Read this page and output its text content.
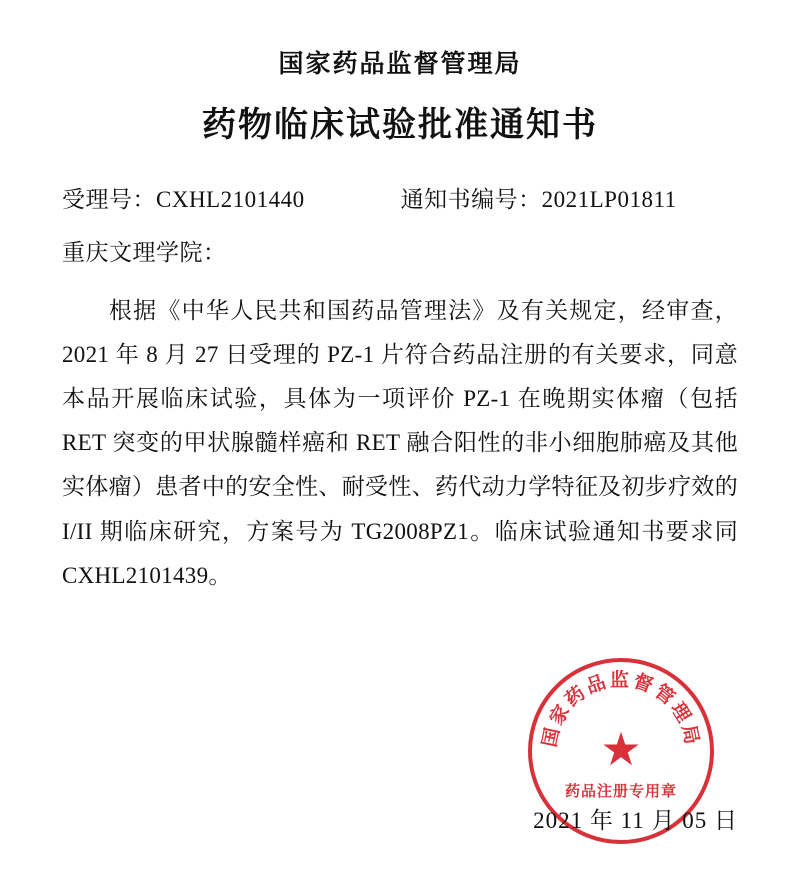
国家药品监督管理局
药物临床试验批准通知书
受理号：CXHL2101440	通知书编号：2021LP01811
重庆文理学院：
根据《中华人民共和国药品管理法》及有关规定，经审查，2021 年 8 月 27 日受理的 PZ-1 片符合药品注册的有关要求，同意本品开展临床试验，具体为一项评价 PZ-1 在晚期实体瘤（包括 RET 突变的甲状腺髓样癌和 RET 融合阳性的非小细胞肺癌及其他实体瘤）患者中的安全性、耐受性、药代动力学特征及初步疗效的 I/II 期临床研究，方案号为 TG2008PZ1。临床试验通知书要求同 CXHL2101439。
国家药品监督管理局
★
药品注册专用章
2021 年 11 月 05 日
